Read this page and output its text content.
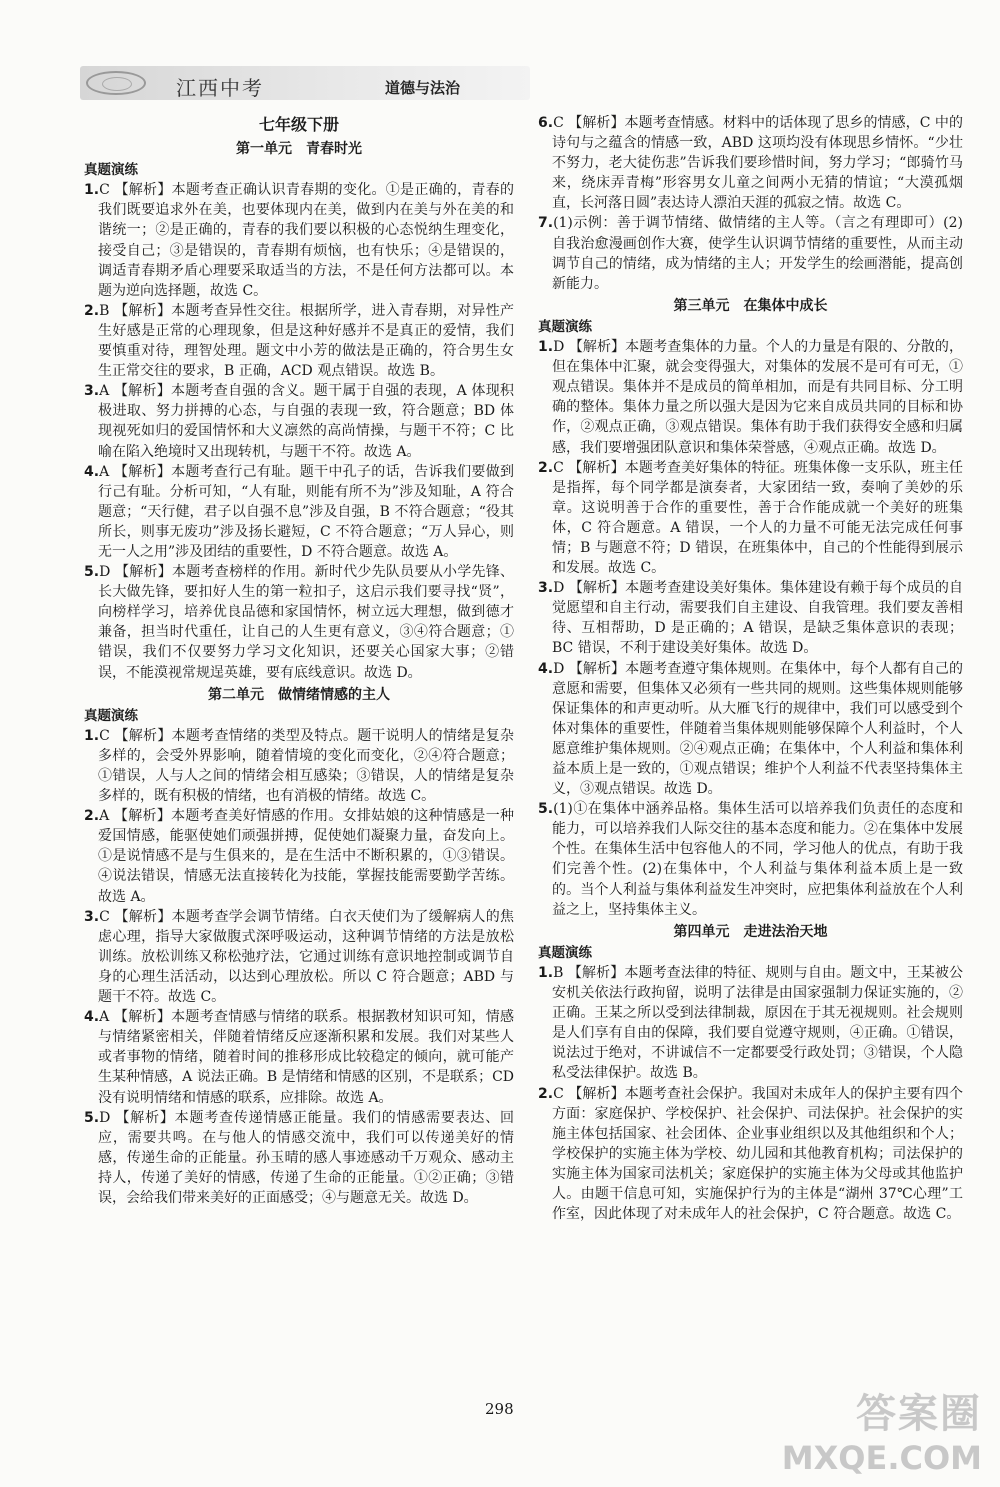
江西中考	道德与法治
七年级下册
第一单元　青春时光
真题演练
1.C 【解析】本题考查正确认识青春期的变化。①是正确的，青春的我们既要追求外在美，也要体现内在美，做到内在美与外在美的和谐统一；②是正确的，青春的我们要以积极的心态悦纳生理变化，接受自己；③是错误的，青春期有烦恼，也有快乐；④是错误的，调适青春期矛盾心理要采取适当的方法，不是任何方法都可以。本题为逆向选择题，故选 C。
2.B 【解析】本题考查异性交往。根据所学，进入青春期，对异性产生好感是正常的心理现象，但是这种好感并不是真正的爱情，我们要慎重对待，理智处理。题文中小芳的做法是正确的，符合男生女生正常交往的要求，B 正确，ACD 观点错误。故选 B。
3.A 【解析】本题考查自强的含义。题干属于自强的表现，A 体现积极进取、努力拼搏的心态，与自强的表现一致，符合题意；BD 体现视死如归的爱国情怀和大义凛然的高尚情操，与题干不符；C 比喻在陷入绝境时又出现转机，与题干不符。故选 A。
4.A 【解析】本题考查行己有耻。题干中孔子的话，告诉我们要做到行己有耻。分析可知，“人有耻，则能有所不为”涉及知耻，A 符合题意；“天行健，君子以自强不息”涉及自强，B 不符合题意；“役其所长，则事无废功”涉及扬长避短，C 不符合题意；“万人异心，则无一人之用”涉及团结的重要性，D 不符合题意。故选 A。
5.D 【解析】本题考查榜样的作用。新时代少先队员要从小学先锋、长大做先锋，要扣好人生的第一粒扣子，这启示我们要寻找“贤”，向榜样学习，培养优良品德和家国情怀，树立远大理想，做到德才兼备，担当时代重任，让自己的人生更有意义，③④符合题意；①错误，我们不仅要努力学习文化知识，还要关心国家大事；②错误，不能漠视常规逞英雄，要有底线意识。故选 D。
第二单元　做情绪情感的主人
真题演练
1.C 【解析】本题考查情绪的类型及特点。题干说明人的情绪是复杂多样的，会受外界影响，随着情境的变化而变化，②④符合题意；①错误，人与人之间的情绪会相互感染；③错误，人的情绪是复杂多样的，既有积极的情绪，也有消极的情绪。故选 C。
2.A 【解析】本题考查美好情感的作用。女排姑娘的这种情感是一种爱国情感，能驱使她们顽强拼搏，促使她们凝聚力量，奋发向上。①是说情感不是与生俱来的，是在生活中不断积累的，①③错误。④说法错误，情感无法直接转化为技能，掌握技能需要勤学苦练。故选 A。
3.C 【解析】本题考查学会调节情绪。白衣天使们为了缓解病人的焦虑心理，指导大家做腹式深呼吸运动，这种调节情绪的方法是放松训练。放松训练又称松弛疗法，它通过训练有意识地控制或调节自身的心理生活活动，以达到心理放松。所以 C 符合题意；ABD 与题干不符。故选 C。
4.A 【解析】本题考查情感与情绪的联系。根据教材知识可知，情感与情绪紧密相关，伴随着情绪反应逐渐积累和发展。我们对某些人或者事物的情绪，随着时间的推移形成比较稳定的倾向，就可能产生某种情感，A 说法正确。B 是情绪和情感的区别，不是联系；CD 没有说明情绪和情感的联系，应排除。故选 A。
5.D 【解析】本题考查传递情感正能量。我们的情感需要表达、回应，需要共鸣。在与他人的情感交流中，我们可以传递美好的情感，传递生命的正能量。孙玉晴的感人事迹感动千万观众、感动主持人，传递了美好的情感，传递了生命的正能量。①②正确；③错误，会给我们带来美好的正面感受；④与题意无关。故选 D。
6.C 【解析】本题考查情感。材料中的话体现了思乡的情感，C 中的诗句与之蕴含的情感一致，ABD 这项均没有体现思乡情怀。“少壮不努力，老大徒伤悲”告诉我们要珍惜时间，努力学习；“郎骑竹马来，绕床弄青梅”形容男女儿童之间两小无猜的情谊；“大漠孤烟直，长河落日圆”表达诗人漂泊天涯的孤寂之情。故选 C。
7.(1)示例：善于调节情绪、做情绪的主人等。（言之有理即可）(2)自我治愈漫画创作大赛，使学生认识调节情绪的重要性，从而主动调节自己的情绪，成为情绪的主人；开发学生的绘画潜能，提高创新能力。
第三单元　在集体中成长
真题演练
1.D 【解析】本题考查集体的力量。个人的力量是有限的、分散的，但在集体中汇聚，就会变得强大，对集体的发展不是可有可无，①观点错误。集体并不是成员的简单相加，而是有共同目标、分工明确的整体。集体力量之所以强大是因为它来自成员共同的目标和协作，②观点正确，③观点错误。集体有助于我们获得安全感和归属感，我们要增强团队意识和集体荣誉感，④观点正确。故选 D。
2.C 【解析】本题考查美好集体的特征。班集体像一支乐队，班主任是指挥，每个同学都是演奏者，大家团结一致，奏响了美妙的乐章。这说明善于合作的重要性，善于合作能成就一个美好的班集体，C 符合题意。A 错误，一个人的力量不可能无法完成任何事情；B 与题意不符；D 错误，在班集体中，自己的个性能得到展示和发展。故选 C。
3.D 【解析】本题考查建设美好集体。集体建设有赖于每个成员的自觉愿望和自主行动，需要我们自主建设、自我管理。我们要友善相待、互相帮助，D 是正确的；A 错误，是缺乏集体意识的表现；BC 错误，不利于建设美好集体。故选 D。
4.D 【解析】本题考查遵守集体规则。在集体中，每个人都有自己的意愿和需要，但集体又必须有一些共同的规则。这些集体规则能够保证集体的和声更动听。从大雁飞行的规律中，我们可以感受到个体对集体的重要性，伴随着当集体规则能够保障个人利益时，个人愿意维护集体规则。②④观点正确；在集体中，个人利益和集体利益本质上是一致的，①观点错误；维护个人利益不代表坚持集体主义，③观点错误。故选 D。
5.(1)①在集体中涵养品格。集体生活可以培养我们负责任的态度和能力，可以培养我们人际交往的基本态度和能力。②在集体中发展个性。在集体生活中包容他人的不同，学习他人的优点，有助于我们完善个性。(2)在集体中，个人利益与集体利益本质上是一致的。当个人利益与集体利益发生冲突时，应把集体利益放在个人利益之上，坚持集体主义。
第四单元　走进法治天地
真题演练
1.B 【解析】本题考查法律的特征、规则与自由。题文中，王某被公安机关依法行政拘留，说明了法律是由国家强制力保证实施的，②正确。王某之所以受到法律制裁，原因在于其无视规则。社会规则是人们享有自由的保障，我们要自觉遵守规则，④正确。①错误，说法过于绝对，不讲诚信不一定都要受行政处罚；③错误，个人隐私受法律保护。故选 B。
2.C 【解析】本题考查社会保护。我国对未成年人的保护主要有四个方面：家庭保护、学校保护、社会保护、司法保护。社会保护的实施主体包括国家、社会团体、企业事业组织以及其他组织和个人；学校保护的实施主体为学校、幼儿园和其他教育机构；司法保护的实施主体为国家司法机关；家庭保护的实施主体为父母或其他监护人。由题干信息可知，实施保护行为的主体是“湖州 37℃心理”工作室，因此体现了对未成年人的社会保护，C 符合题意。故选 C。
298	答案圈
MXQE.COM
